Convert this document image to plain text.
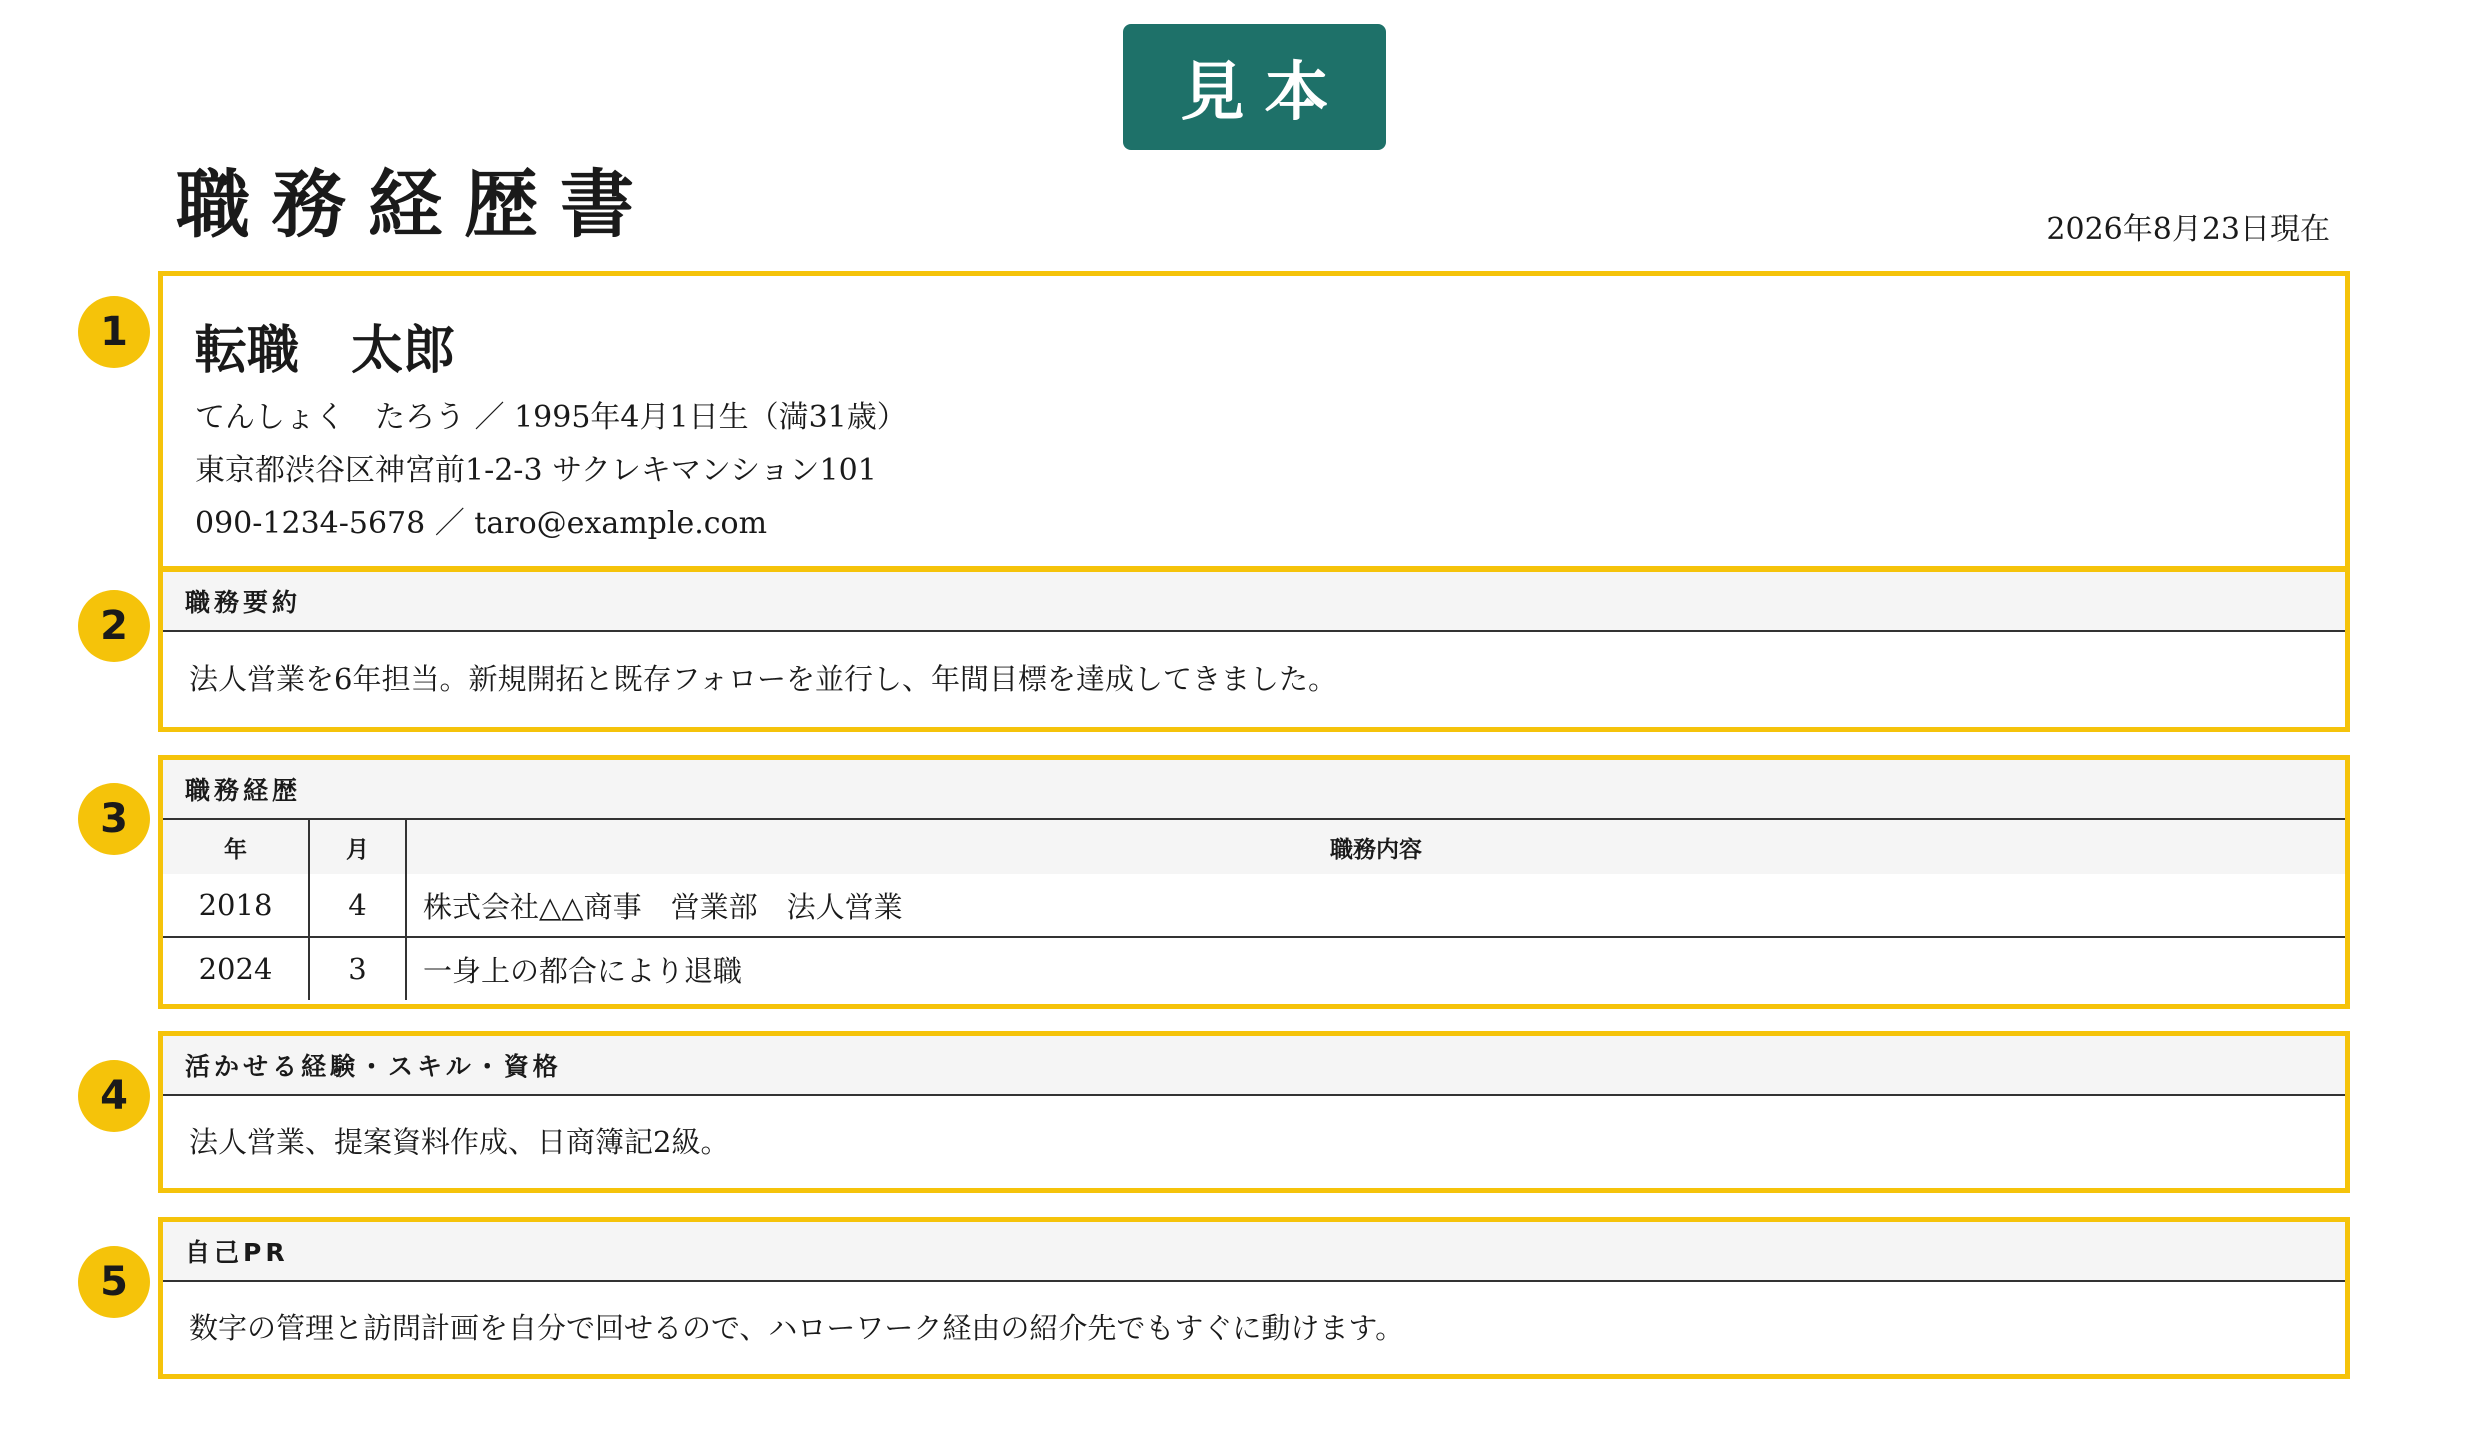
見本
職務経歴書	2026年8月23日現在
1
2
3
4
5
転職　太郎
てんしょく　たろう ／ 1995年4月1日生（満31歳）
東京都渋谷区神宮前1-2-3 サクレキマンション101
090-1234-5678 ／ taro@example.com
職務要約
法人営業を6年担当。新規開拓と既存フォローを並行し、年間目標を達成してきました。
職務経歴
年	月	職務内容
2018	4	株式会社△△商事　営業部　法人営業
2024	3	一身上の都合により退職
活かせる経験・スキル・資格
法人営業、提案資料作成、日商簿記2級。
自己PR
数字の管理と訪問計画を自分で回せるので、ハローワーク経由の紹介先でもすぐに動けます。
